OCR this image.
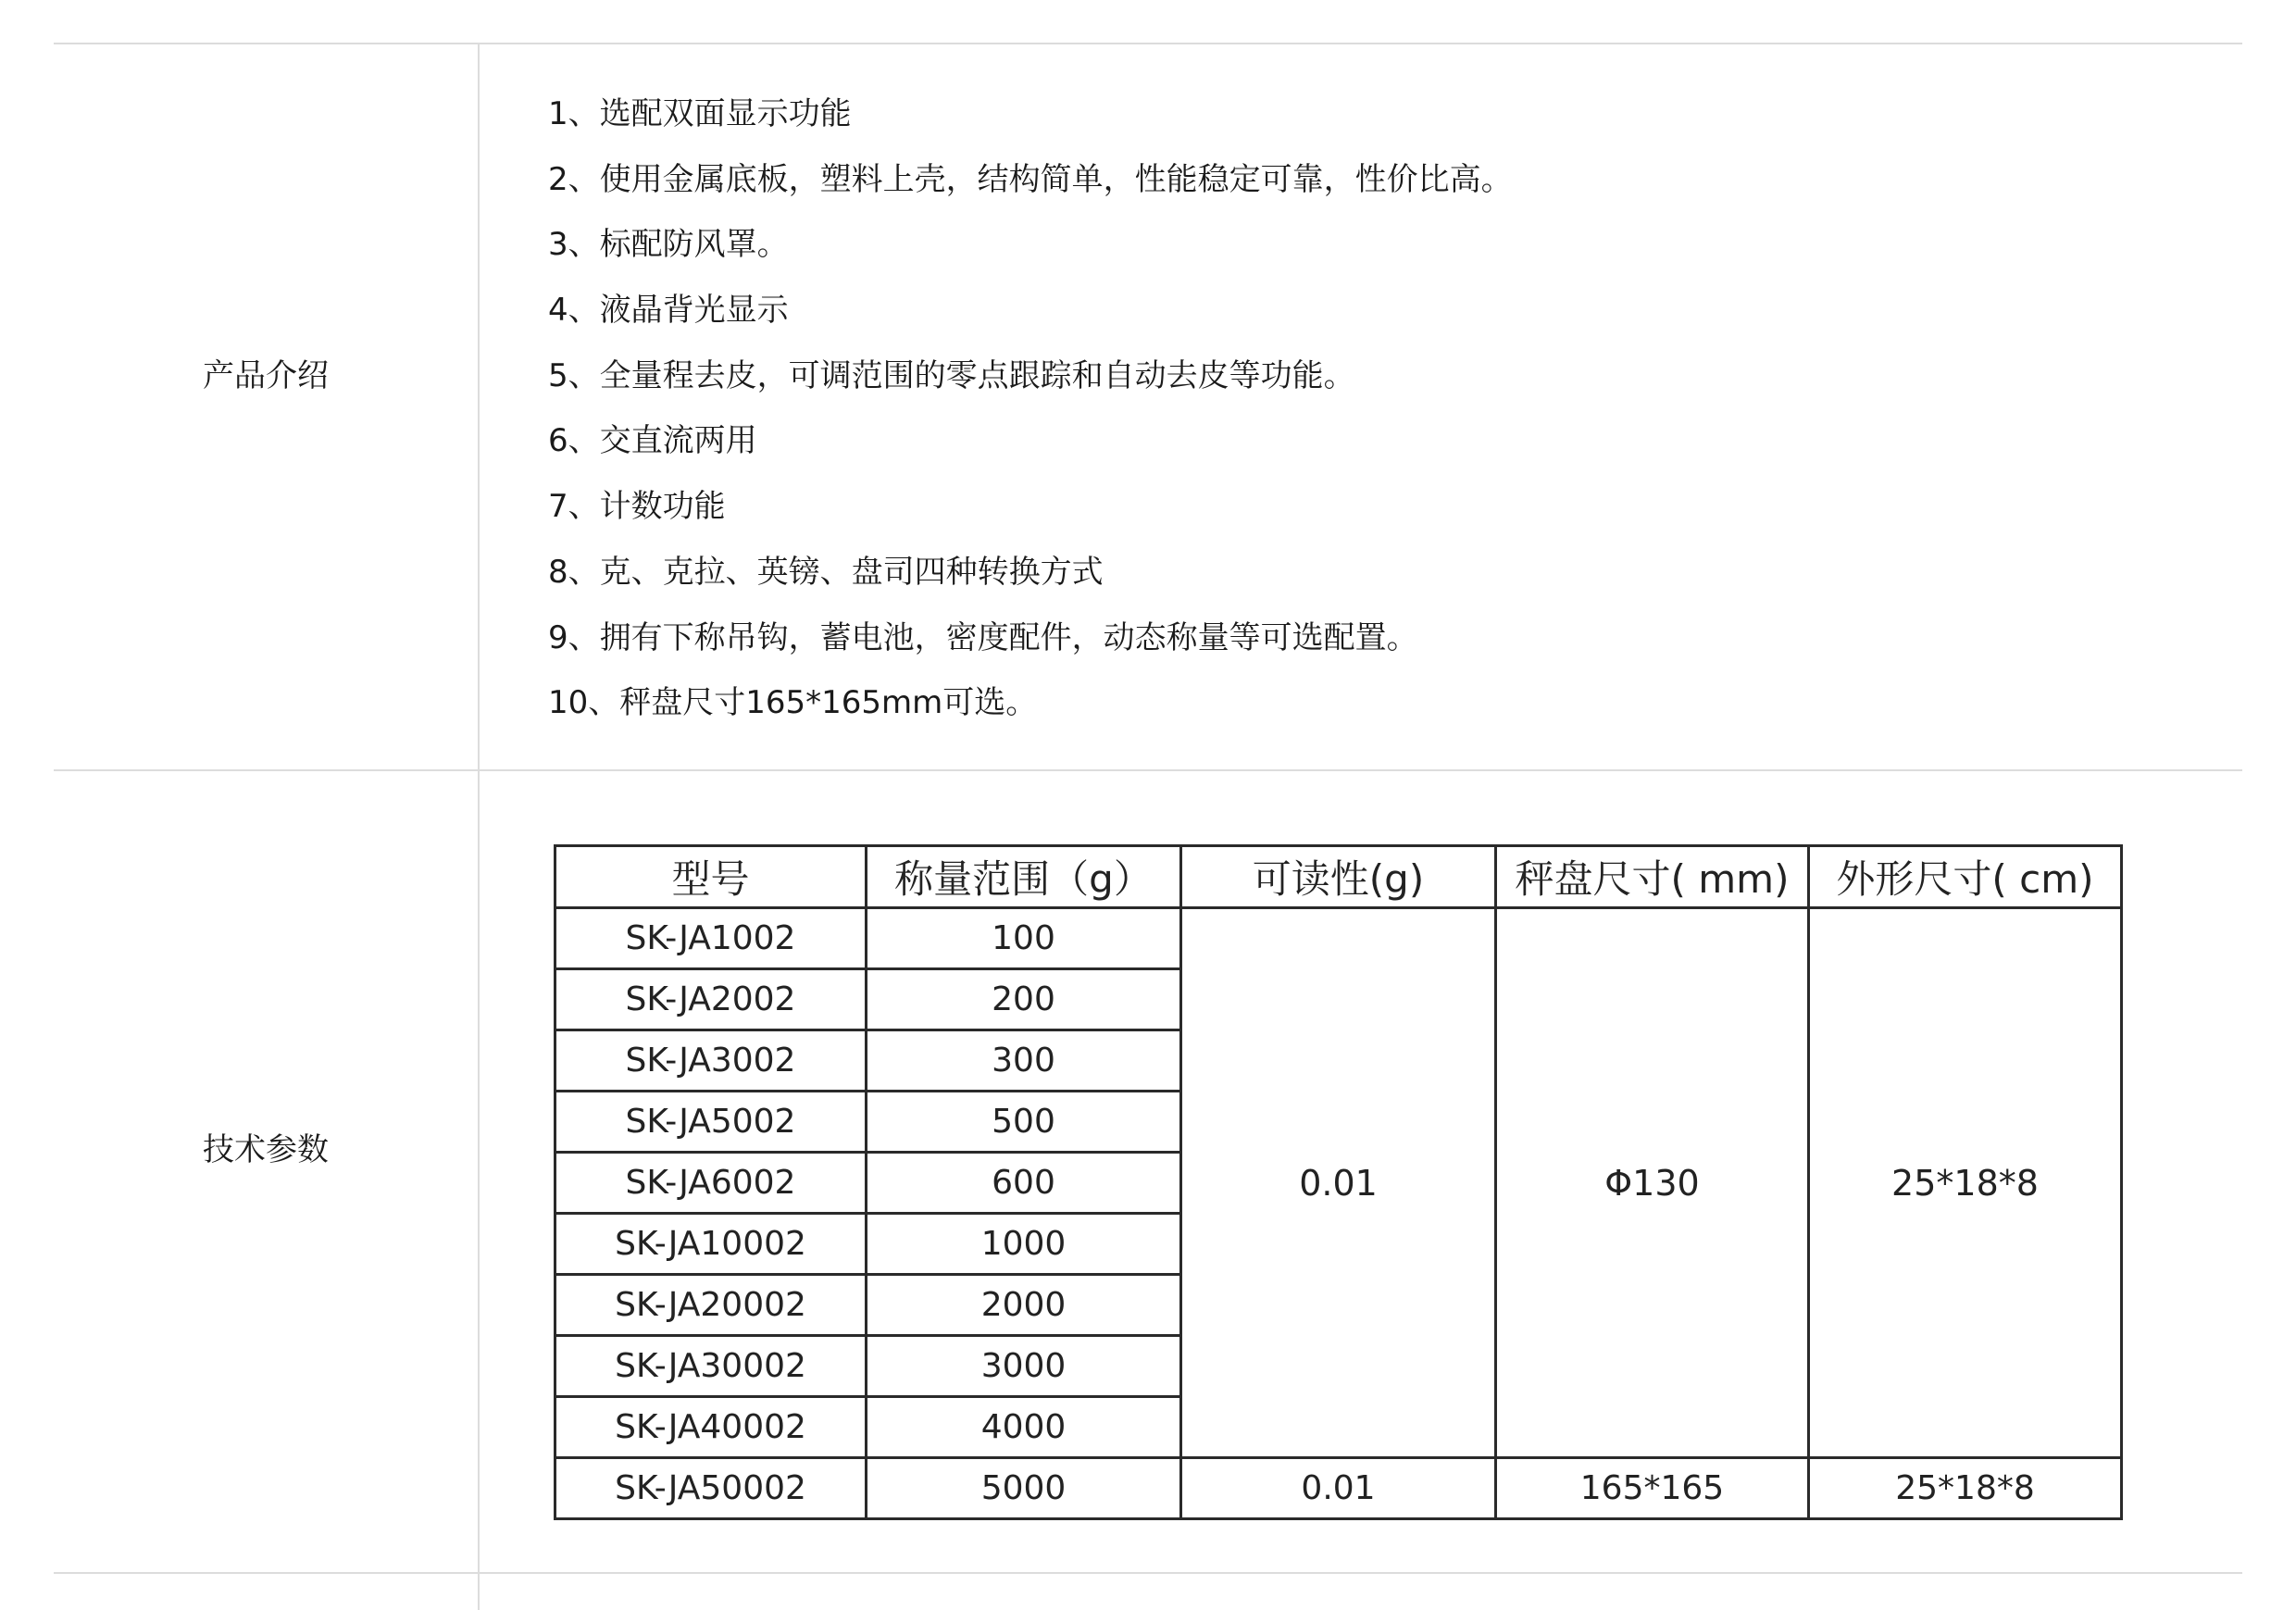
产品介绍
1、选配双面显示功能
2、使用金属底板，塑料上壳，结构简单，性能稳定可靠，性价比高。
3、标配防风罩。
4、液晶背光显示
5、全量程去皮，可调范围的零点跟踪和自动去皮等功能。
6、交直流两用
7、计数功能
8、克、克拉、英镑、盘司四种转换方式
9、拥有下称吊钩，蓄电池，密度配件，动态称量等可选配置。
10、秤盘尺寸165*165mm可选。
技术参数
型号	称量范围（g）	可读性(g)	秤盘尺寸( mm)	外形尺寸( cm)
SK-JA1002	100	0.01	Φ130	25*18*8
SK-JA2002	200			
SK-JA3002	300			
SK-JA5002	500			
SK-JA6002	600			
SK-JA10002	1000			
SK-JA20002	2000			
SK-JA30002	3000			
SK-JA40002	4000			
SK-JA50002	5000	0.01	165*165	25*18*8
